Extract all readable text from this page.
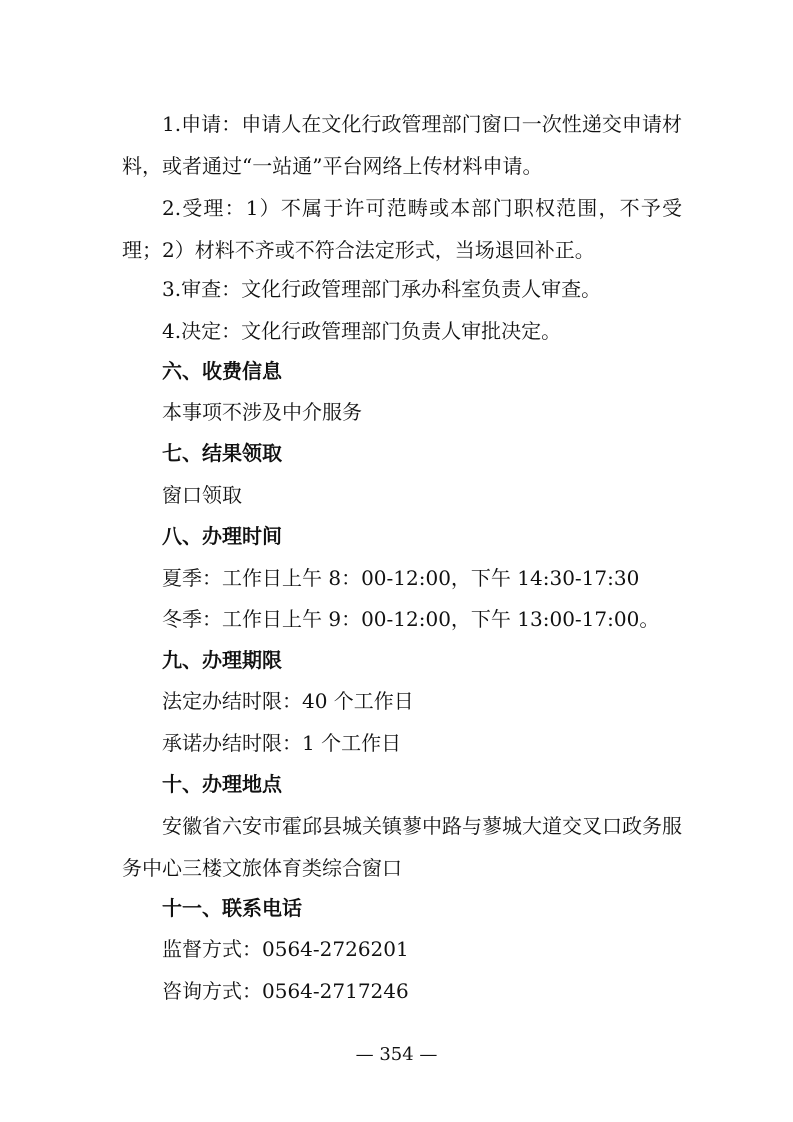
1.申请：申请人在文化行政管理部门窗口一次性递交申请材料，或者通过“一站通”平台网络上传材料申请。

2.受理：1）不属于许可范畴或本部门职权范围，不予受理；2）材料不齐或不符合法定形式，当场退回补正。

3.审查：文化行政管理部门承办科室负责人审查。

4.决定：文化行政管理部门负责人审批决定。

六、收费信息

本事项不涉及中介服务

七、结果领取

窗口领取

八、办理时间

夏季：工作日上午 8：00-12:00，下午 14:30-17:30

冬季：工作日上午 9：00-12:00，下午 13:00-17:00。

九、办理期限

法定办结时限：40 个工作日

承诺办结时限：1 个工作日

十、办理地点

安徽省六安市霍邱县城关镇蓼中路与蓼城大道交叉口政务服务中心三楼文旅体育类综合窗口

十一、联系电话

监督方式：0564-2726201

咨询方式：0564-2717246

— 354 —
